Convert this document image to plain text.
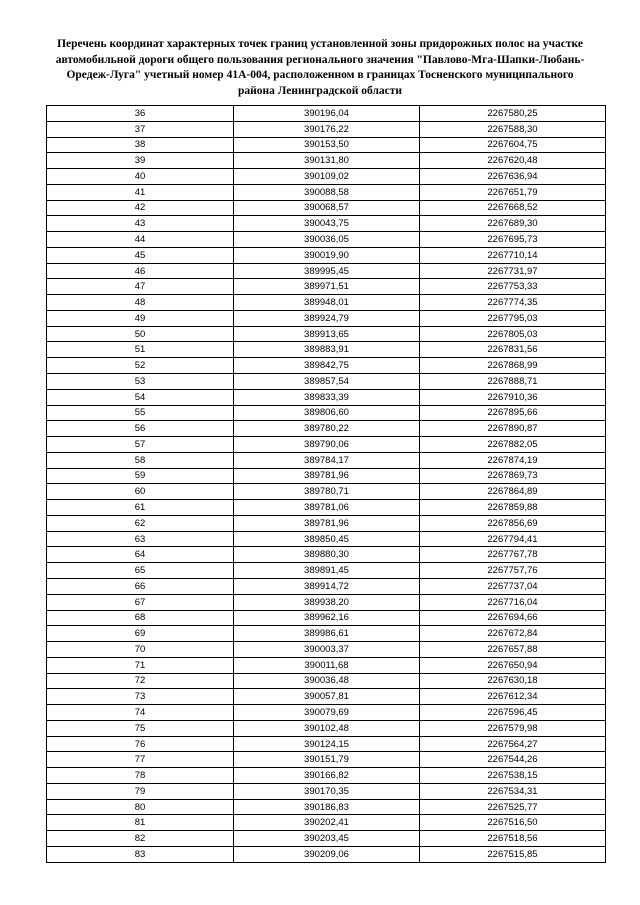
Перечень координат характерных точек границ установленной зоны придорожных полос на участке
автомобильной дороги общего пользования регионального значения "Павлово-Мга-Шапки-Любань-
Оредеж-Луга" учетный номер 41А-004, расположенном в границах Тосненского муниципального
района Ленинградской области
36	390196,04	2267580,25
37	390176,22	2267588,30
38	390153,50	2267604,75
39	390131,80	2267620,48
40	390109,02	2267636,94
41	390088,58	2267651,79
42	390068,57	2267668,52
43	390043,75	2267689,30
44	390036,05	2267695,73
45	390019,90	2267710,14
46	389995,45	2267731,97
47	389971,51	2267753,33
48	389948,01	2267774,35
49	389924,79	2267795,03
50	389913,65	2267805,03
51	389883,91	2267831,56
52	389842,75	2267868,99
53	389857,54	2267888,71
54	389833,39	2267910,36
55	389806,60	2267895,66
56	389780,22	2267890,87
57	389790,06	2267882,05
58	389784,17	2267874,19
59	389781,96	2267869,73
60	389780,71	2267864,89
61	389781,06	2267859,88
62	389781,96	2267856,69
63	389850,45	2267794,41
64	389880,30	2267767,78
65	389891,45	2267757,76
66	389914,72	2267737,04
67	389938,20	2267716,04
68	389962,16	2267694,66
69	389986,61	2267672,84
70	390003,37	2267657,88
71	390011,68	2267650,94
72	390036,48	2267630,18
73	390057,81	2267612,34
74	390079,69	2267596,45
75	390102,48	2267579,98
76	390124,15	2267564,27
77	390151,79	2267544,26
78	390166,82	2267538,15
79	390170,35	2267534,31
80	390186,83	2267525,77
81	390202,41	2267516,50
82	390203,45	2267518,56
83	390209,06	2267515,85
